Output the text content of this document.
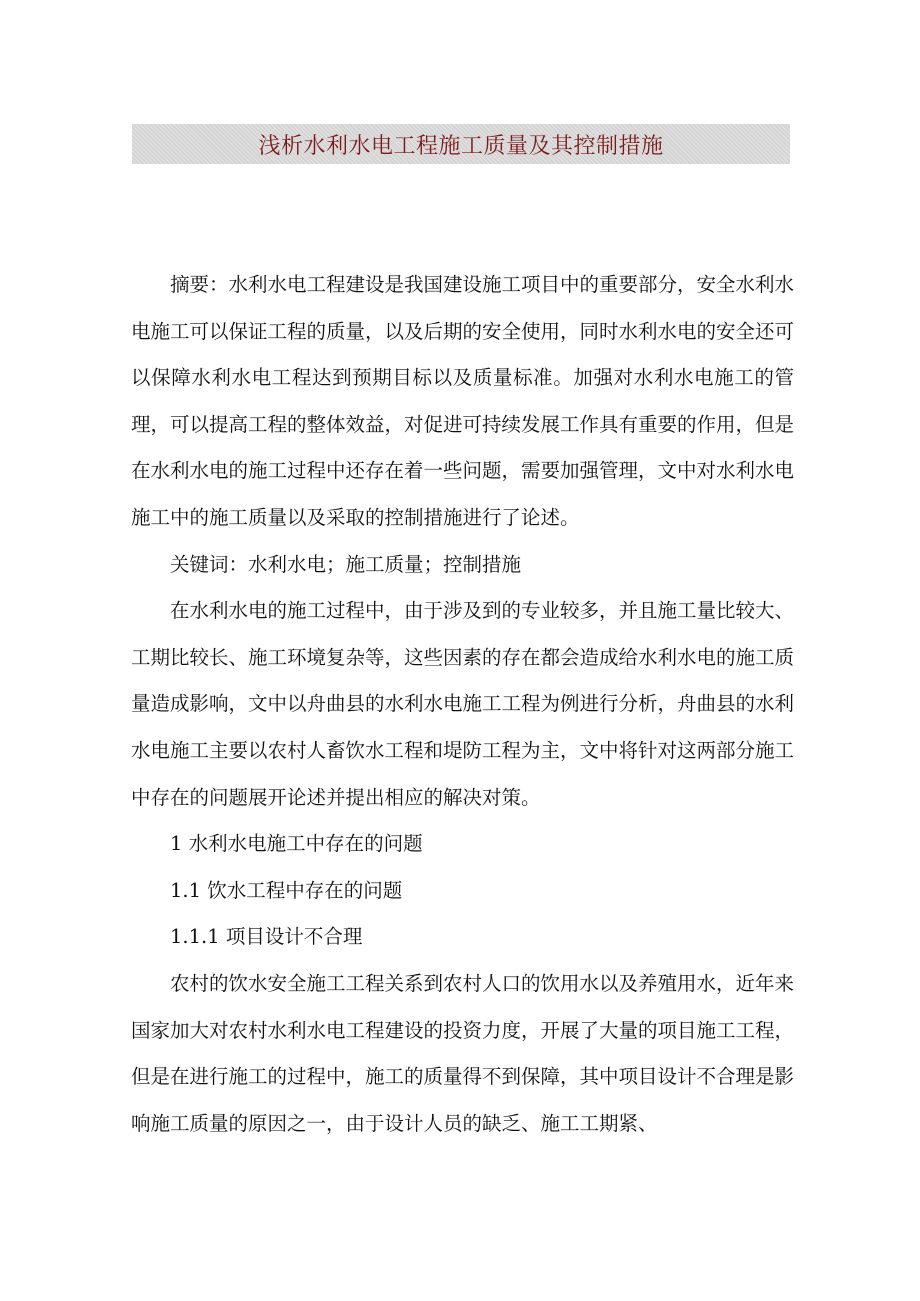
浅析水利水电工程施工质量及其控制措施

摘要：水利水电工程建设是我国建设施工项目中的重要部分，安全水利水电施工可以保证工程的质量，以及后期的安全使用，同时水利水电的安全还可以保障水利水电工程达到预期目标以及质量标准。加强对水利水电施工的管理，可以提高工程的整体效益，对促进可持续发展工作具有重要的作用，但是在水利水电的施工过程中还存在着一些问题，需要加强管理，文中对水利水电施工中的施工质量以及采取的控制措施进行了论述。

关键词：水利水电；施工质量；控制措施

在水利水电的施工过程中，由于涉及到的专业较多，并且施工量比较大、工期比较长、施工环境复杂等，这些因素的存在都会造成给水利水电的施工质量造成影响，文中以舟曲县的水利水电施工工程为例进行分析，舟曲县的水利水电施工主要以农村人畜饮水工程和堤防工程为主，文中将针对这两部分施工中存在的问题展开论述并提出相应的解决对策。

1 水利水电施工中存在的问题

1.1 饮水工程中存在的问题

1.1.1 项目设计不合理

农村的饮水安全施工工程关系到农村人口的饮用水以及养殖用水，近年来国家加大对农村水利水电工程建设的投资力度，开展了大量的项目施工工程，但是在进行施工的过程中，施工的质量得不到保障，其中项目设计不合理是影响施工质量的原因之一，由于设计人员的缺乏、施工工期紧、
